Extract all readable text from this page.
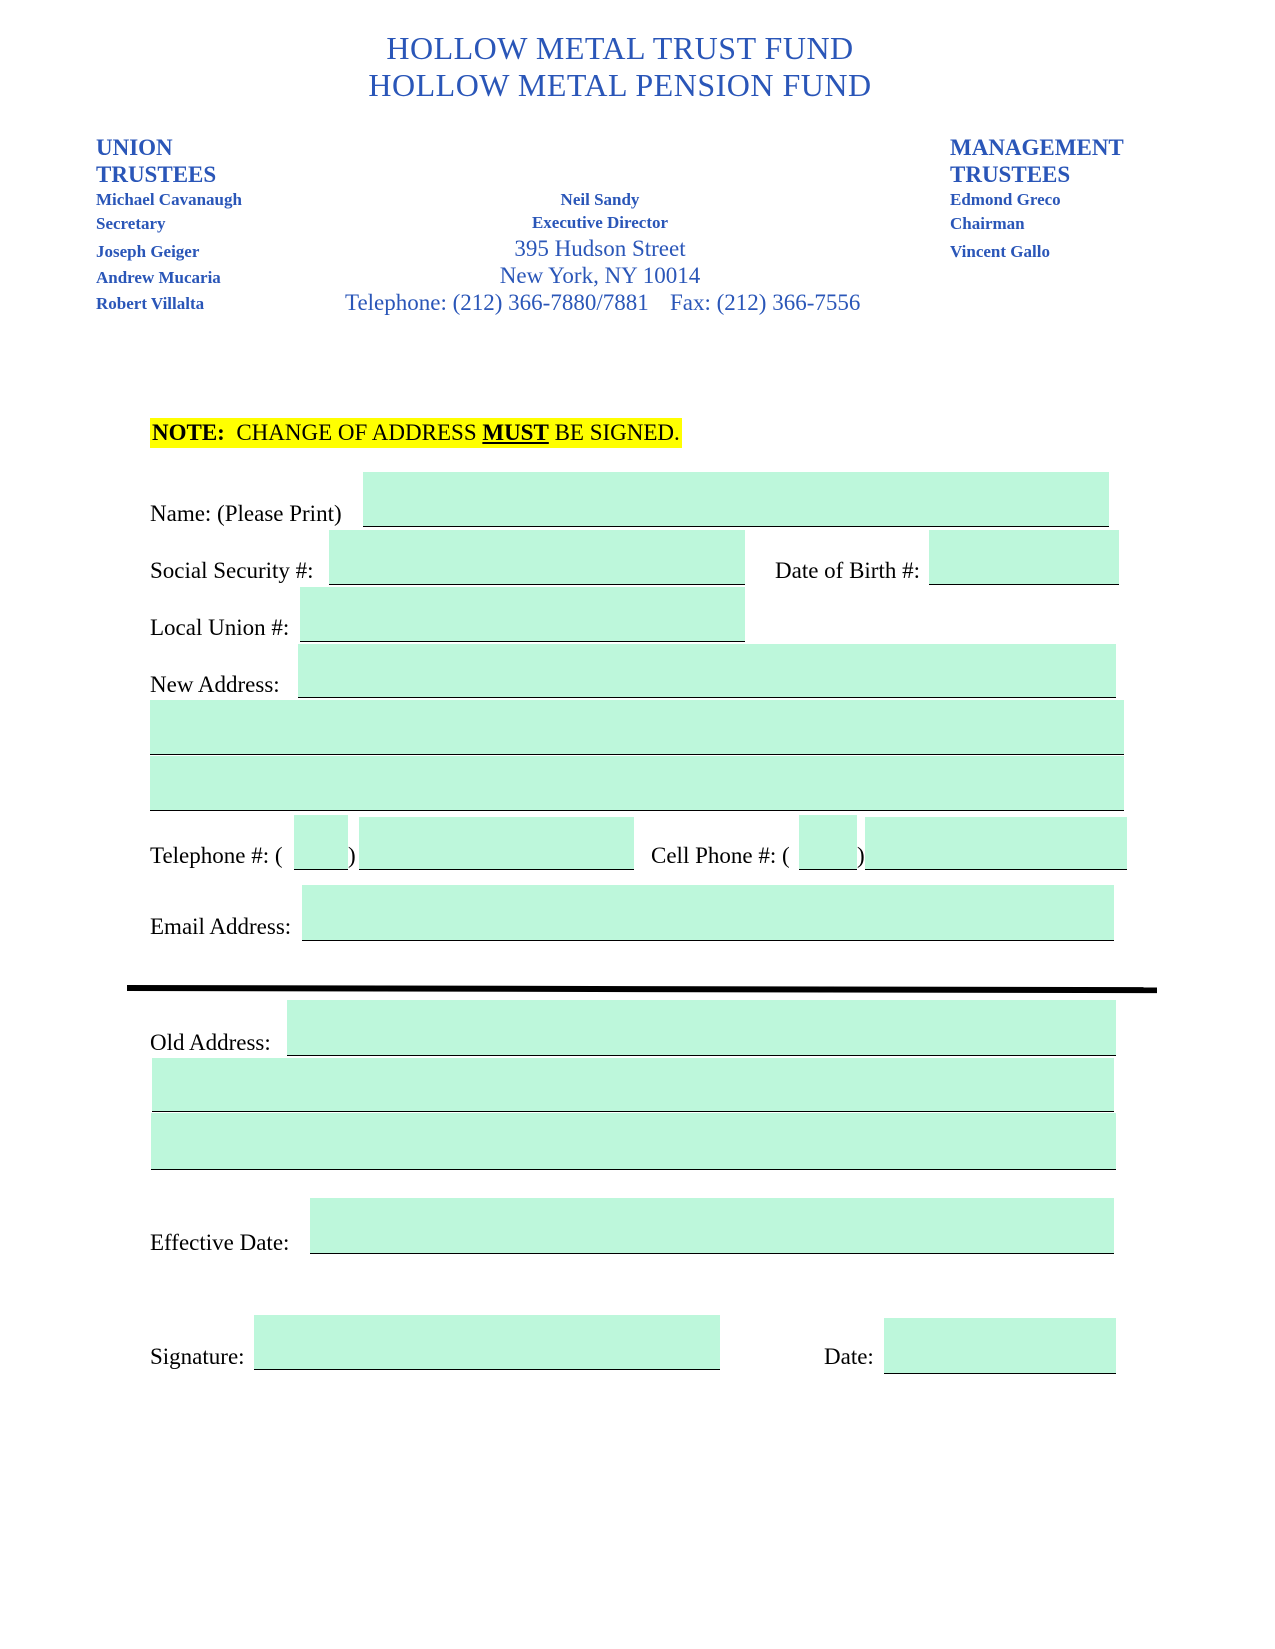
HOLLOW METAL TRUST FUND
HOLLOW METAL PENSION FUND
UNION
TRUSTEES
Michael Cavanaugh
Secretary
Joseph Geiger
Andrew Mucaria
Robert Villalta
MANAGEMENT
TRUSTEES
Edmond Greco
Chairman
Vincent Gallo
Neil Sandy
Executive Director
395 Hudson Street
New York, NY 10014
Telephone: (212) 366-7880/7881 Fax: (212) 366-7556
NOTE: CHANGE OF ADDRESS MUST BE SIGNED.
Name: (Please Print)
Social Security #:	Date of Birth #:
Local Union #:
New Address:
Telephone #: (	)	Cell Phone #: (	)
Email Address:
Old Address:
Effective Date:
Signature:	Date:
